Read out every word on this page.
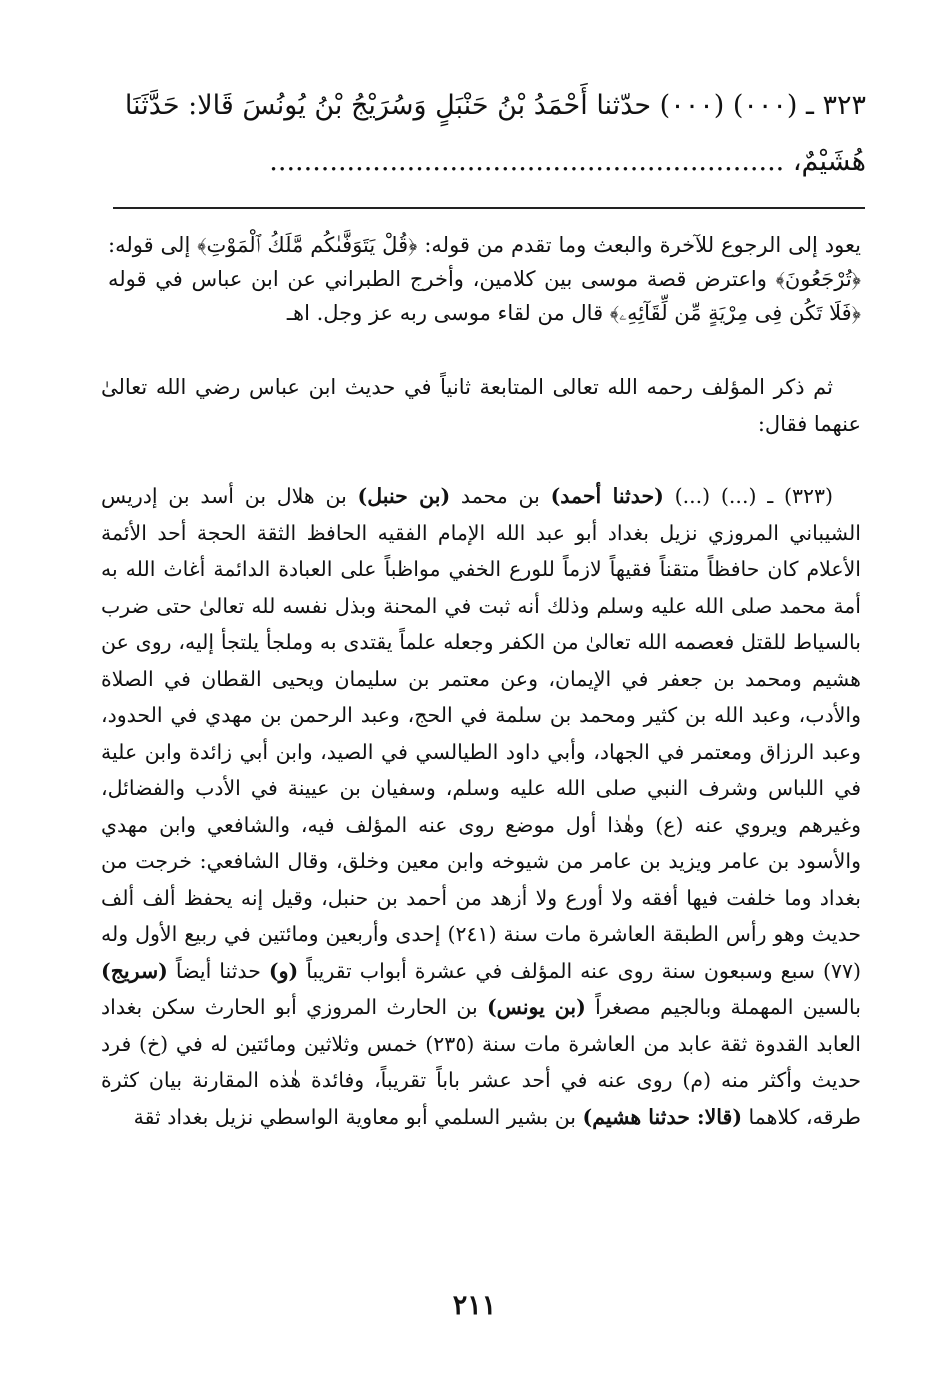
٣٢٣ ـ (٠٠٠) (٠٠٠) حدّثنا أَحْمَدُ بْنُ حَنْبَلٍ وَسُرَيْجُ بْنُ يُونُسَ قَالا: حَدَّثَنَا
هُشَيْمٌ، ............................................................
يعود إلى الرجوع للآخرة والبعث وما تقدم من قوله: ﴿قُلْ يَتَوَفَّىٰكُم مَّلَكُ ٱلْمَوْتِ﴾ إلى قوله: ﴿تُرْجَعُونَ﴾ واعترض قصة موسى بين كلامين، وأخرج الطبراني عن ابن عباس في قوله ﴿فَلَا تَكُن فِى مِرْيَةٍ مِّن لِّقَآئِهِۦ﴾ قال من لقاء موسى ربه عز وجل. اهـ
ثم ذكر المؤلف رحمه الله تعالى المتابعة ثانياً في حديث ابن عباس رضي الله تعالىٰ عنهما فقال:
(٣٢٣) ـ (...) (...) (حدثنا أحمد) بن محمد (بن حنبل) بن هلال بن أسد بن إدريس الشيباني المروزي نزيل بغداد أبو عبد الله الإمام الفقيه الحافظ الثقة الحجة أحد الأئمة الأعلام كان حافظاً متقناً فقيهاً لازماً للورع الخفي مواظباً على العبادة الدائمة أغاث الله به أمة محمد صلى الله عليه وسلم وذلك أنه ثبت في المحنة وبذل نفسه لله تعالىٰ حتى ضرب بالسياط للقتل فعصمه الله تعالىٰ من الكفر وجعله علماً يقتدى به وملجأ يلتجأ إليه، روى عن هشيم ومحمد بن جعفر في الإيمان، وعن معتمر بن سليمان ويحيى القطان في الصلاة والأدب، وعبد الله بن كثير ومحمد بن سلمة في الحج، وعبد الرحمن بن مهدي في الحدود، وعبد الرزاق ومعتمر في الجهاد، وأبي داود الطيالسي في الصيد، وابن أبي زائدة وابن علية في اللباس وشرف النبي صلى الله عليه وسلم، وسفيان بن عيينة في الأدب والفضائل، وغيرهم ويروي عنه (ع) وهٰذا أول موضع روى عنه المؤلف فيه، والشافعي وابن مهدي والأسود بن عامر ويزيد بن عامر من شيوخه وابن معين وخلق، وقال الشافعي: خرجت من بغداد وما خلفت فيها أفقه ولا أورع ولا أزهد من أحمد بن حنبل، وقيل إنه يحفظ ألف ألف حديث وهو رأس الطبقة العاشرة مات سنة (٢٤١) إحدى وأربعين ومائتين في ربيع الأول وله (٧٧) سبع وسبعون سنة روى عنه المؤلف في عشرة أبواب تقريباً (و) حدثنا أيضاً (سريج) بالسين المهملة وبالجيم مصغراً (بن يونس) بن الحارث المروزي أبو الحارث سكن بغداد العابد القدوة ثقة عابد من العاشرة مات سنة (٢٣٥) خمس وثلاثين ومائتين له في (خ) فرد حديث وأكثر منه (م) روى عنه في أحد عشر باباً تقريباً، وفائدة هٰذه المقارنة بيان كثرة طرقه، كلاهما (قالا: حدثنا هشيم) بن بشير السلمي أبو معاوية الواسطي نزيل بغداد ثقة
٢١١
